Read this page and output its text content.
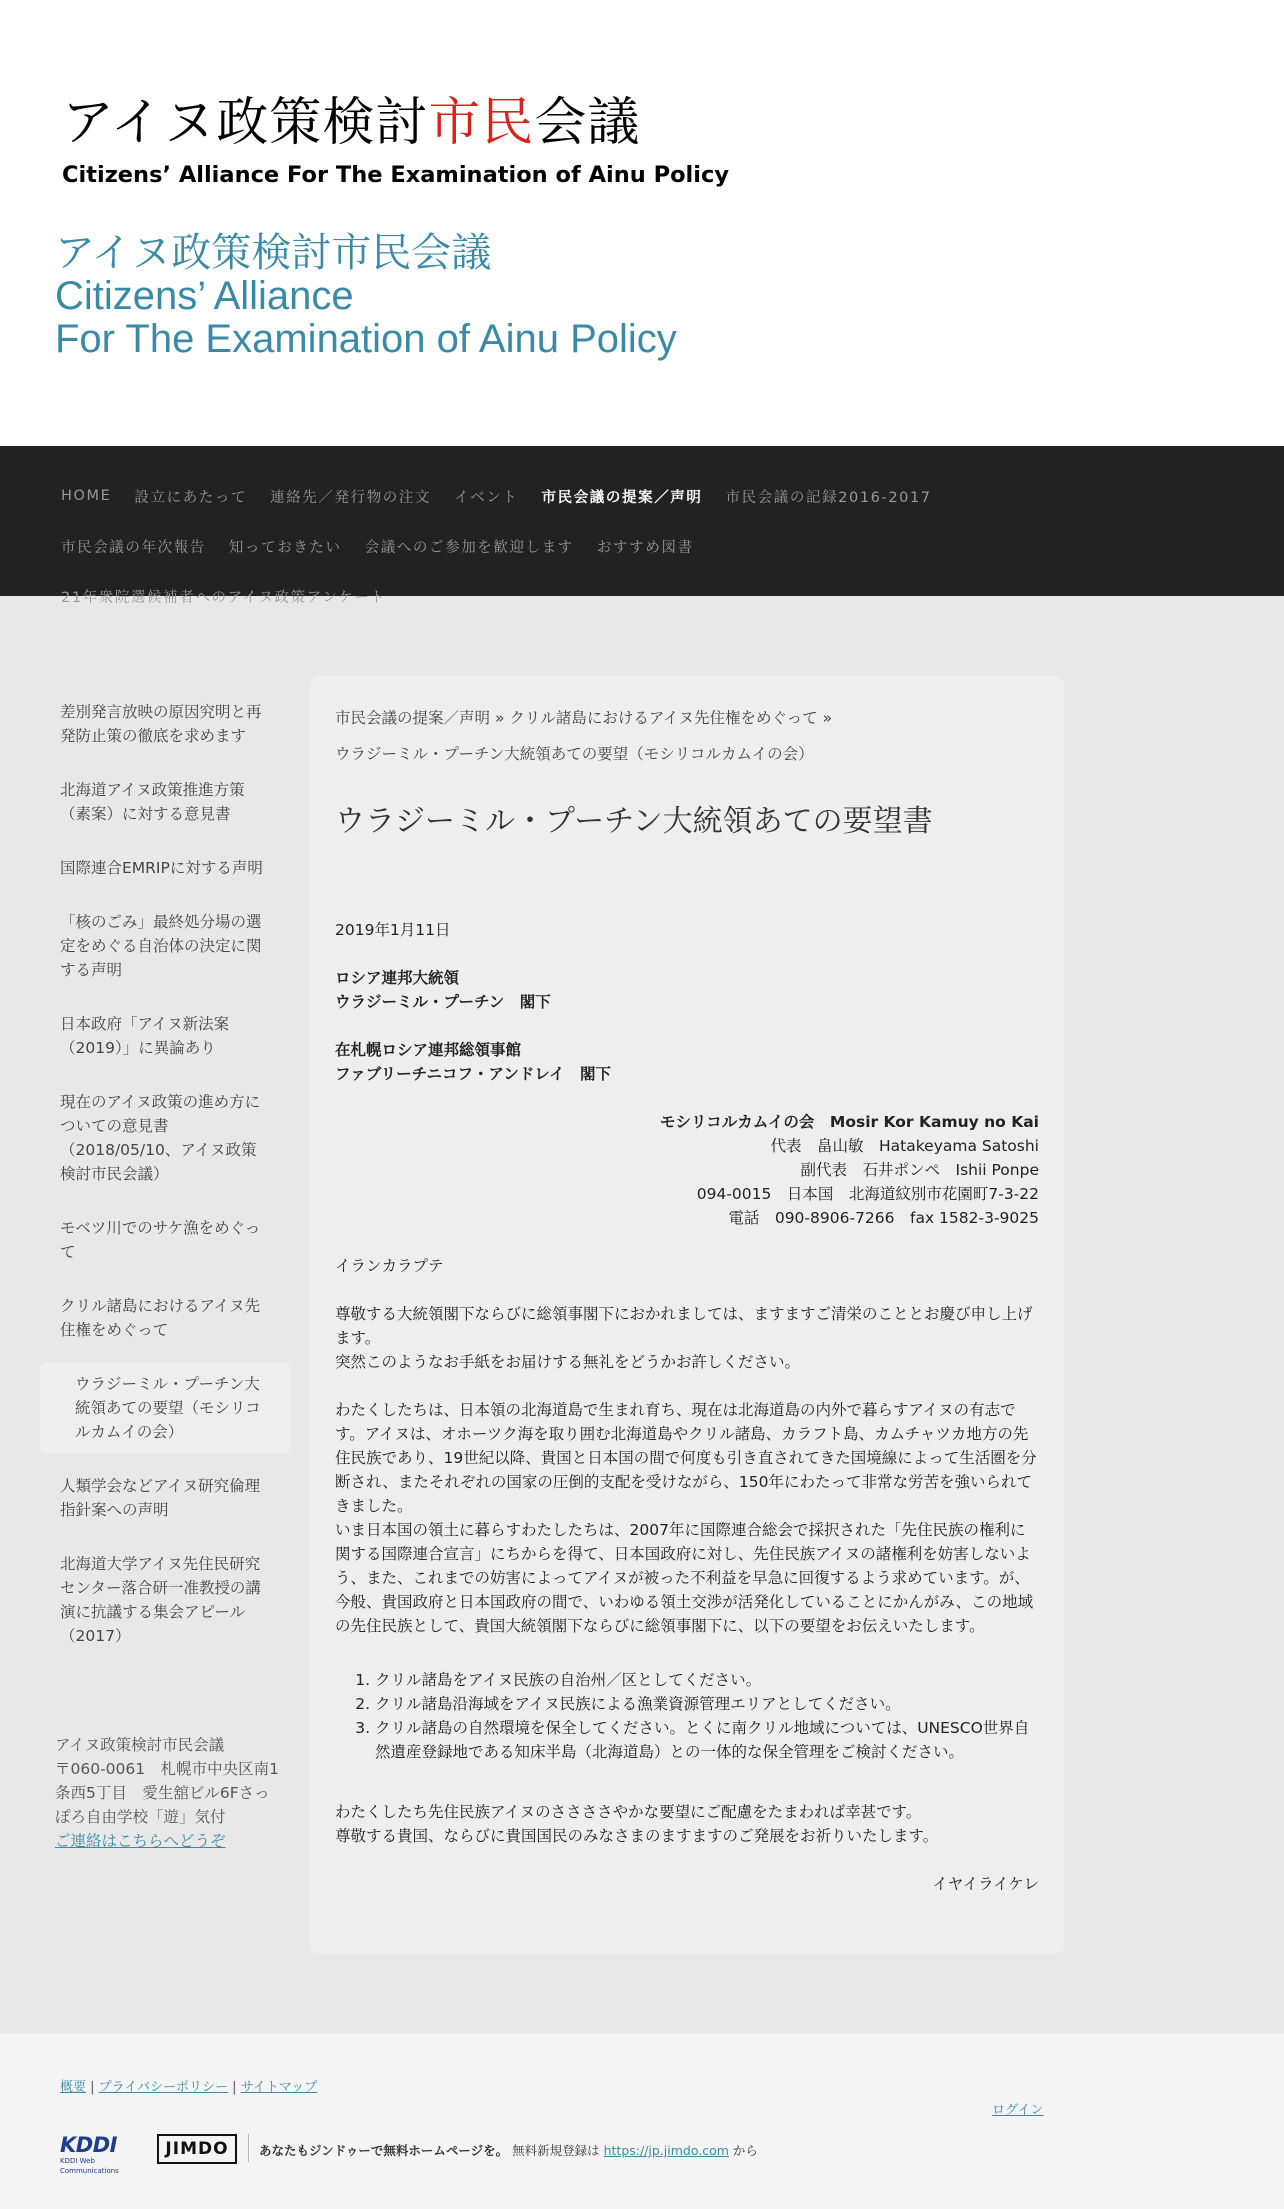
アイヌ政策検討市民会議
Citizens’ Alliance For The Examination of Ainu Policy
アイヌ政策検討市民会議
Citizens’ Alliance
For The Examination of Ainu Policy
HOME 設立にあたって 連絡先／発行物の注文 イベント 市民会議の提案／声明 市民会議の記録2016-2017
市民会議の年次報告 知っておきたい 会議へのご参加を歓迎します おすすめ図書
21年衆院選候補者へのアイヌ政策アンケート
差別発言放映の原因究明と再発防止策の徹底を求めます
北海道アイヌ政策推進方策（素案）に対する意見書
国際連合EMRIPに対する声明
「核のごみ」最終処分場の選定をめぐる自治体の決定に関する声明
日本政府「アイヌ新法案（2019）」に異論あり
現在のアイヌ政策の進め方についての意見書（2018/05/10、アイヌ政策検討市民会議）
モベツ川でのサケ漁をめぐって
クリル諸島におけるアイヌ先住権をめぐって
ウラジーミル・プーチン大統領あての要望（モシリコルカムイの会）
人類学会などアイヌ研究倫理指針案への声明
北海道大学アイヌ先住民研究センター落合研一准教授の講演に抗議する集会アピール（2017）
アイヌ政策検討市民会議
〒060-0061　札幌市中央区南1条西5丁目　愛生舘ビル6Fさっぽろ自由学校「遊」気付
ご連絡はこちらへどうぞ
市民会議の提案／声明 » クリル諸島におけるアイヌ先住権をめぐって »
ウラジーミル・プーチン大統領あての要望（モシリコルカムイの会）
ウラジーミル・プーチン大統領あての要望書
2019年1月11日
ロシア連邦大統領
ウラジーミル・プーチン　閣下
在札幌ロシア連邦総領事館
ファブリーチニコフ・アンドレイ　閣下
モシリコルカムイの会　Mosir Kor Kamuy no Kai
代表　畠山敏　Hatakeyama Satoshi
副代表　石井ポンペ　Ishii Ponpe
094-0015　日本国　北海道紋別市花園町7-3-22
電話　090-8906-7266　fax 1582-3-9025
イランカラプテ
尊敬する大統領閣下ならびに総領事閣下におかれましては、ますますご清栄のこととお慶び申し上げます。
突然このようなお手紙をお届けする無礼をどうかお許しください。
わたくしたちは、日本領の北海道島で生まれ育ち、現在は北海道島の内外で暮らすアイヌの有志です。アイヌは、オホーツク海を取り囲む北海道島やクリル諸島、カラフト島、カムチャツカ地方の先住民族であり、19世紀以降、貴国と日本国の間で何度も引き直されてきた国境線によって生活圏を分断され、またそれぞれの国家の圧倒的支配を受けながら、150年にわたって非常な労苦を強いられてきました。
いま日本国の領土に暮らすわたしたちは、2007年に国際連合総会で採択された「先住民族の権利に関する国際連合宣言」にちからを得て、日本国政府に対し、先住民族アイヌの諸権利を妨害しないよう、また、これまでの妨害によってアイヌが被った不利益を早急に回復するよう求めています。が、今般、貴国政府と日本国政府の間で、いわゆる領土交渉が活発化していることにかんがみ、この地域の先住民族として、貴国大統領閣下ならびに総領事閣下に、以下の要望をお伝えいたします。
1. クリル諸島をアイヌ民族の自治州／区としてください。
2. クリル諸島沿海域をアイヌ民族による漁業資源管理エリアとしてください。
3. クリル諸島の自然環境を保全してください。とくに南クリル地域については、UNESCO世界自然遺産登録地である知床半島（北海道島）との一体的な保全管理をご検討ください。
わたくしたち先住民族アイヌのささささやかな要望にご配慮をたまわれば幸甚です。
尊敬する貴国、ならびに貴国国民のみなさまのますますのご発展をお祈りいたします。
イヤイライケレ
概要 | プライバシーポリシー | サイトマップ
ログイン
KDDI
KDDI Web Communications
JIMDO	あなたもジンドゥーで無料ホームページを。 無料新規登録は https://jp.jimdo.com から
